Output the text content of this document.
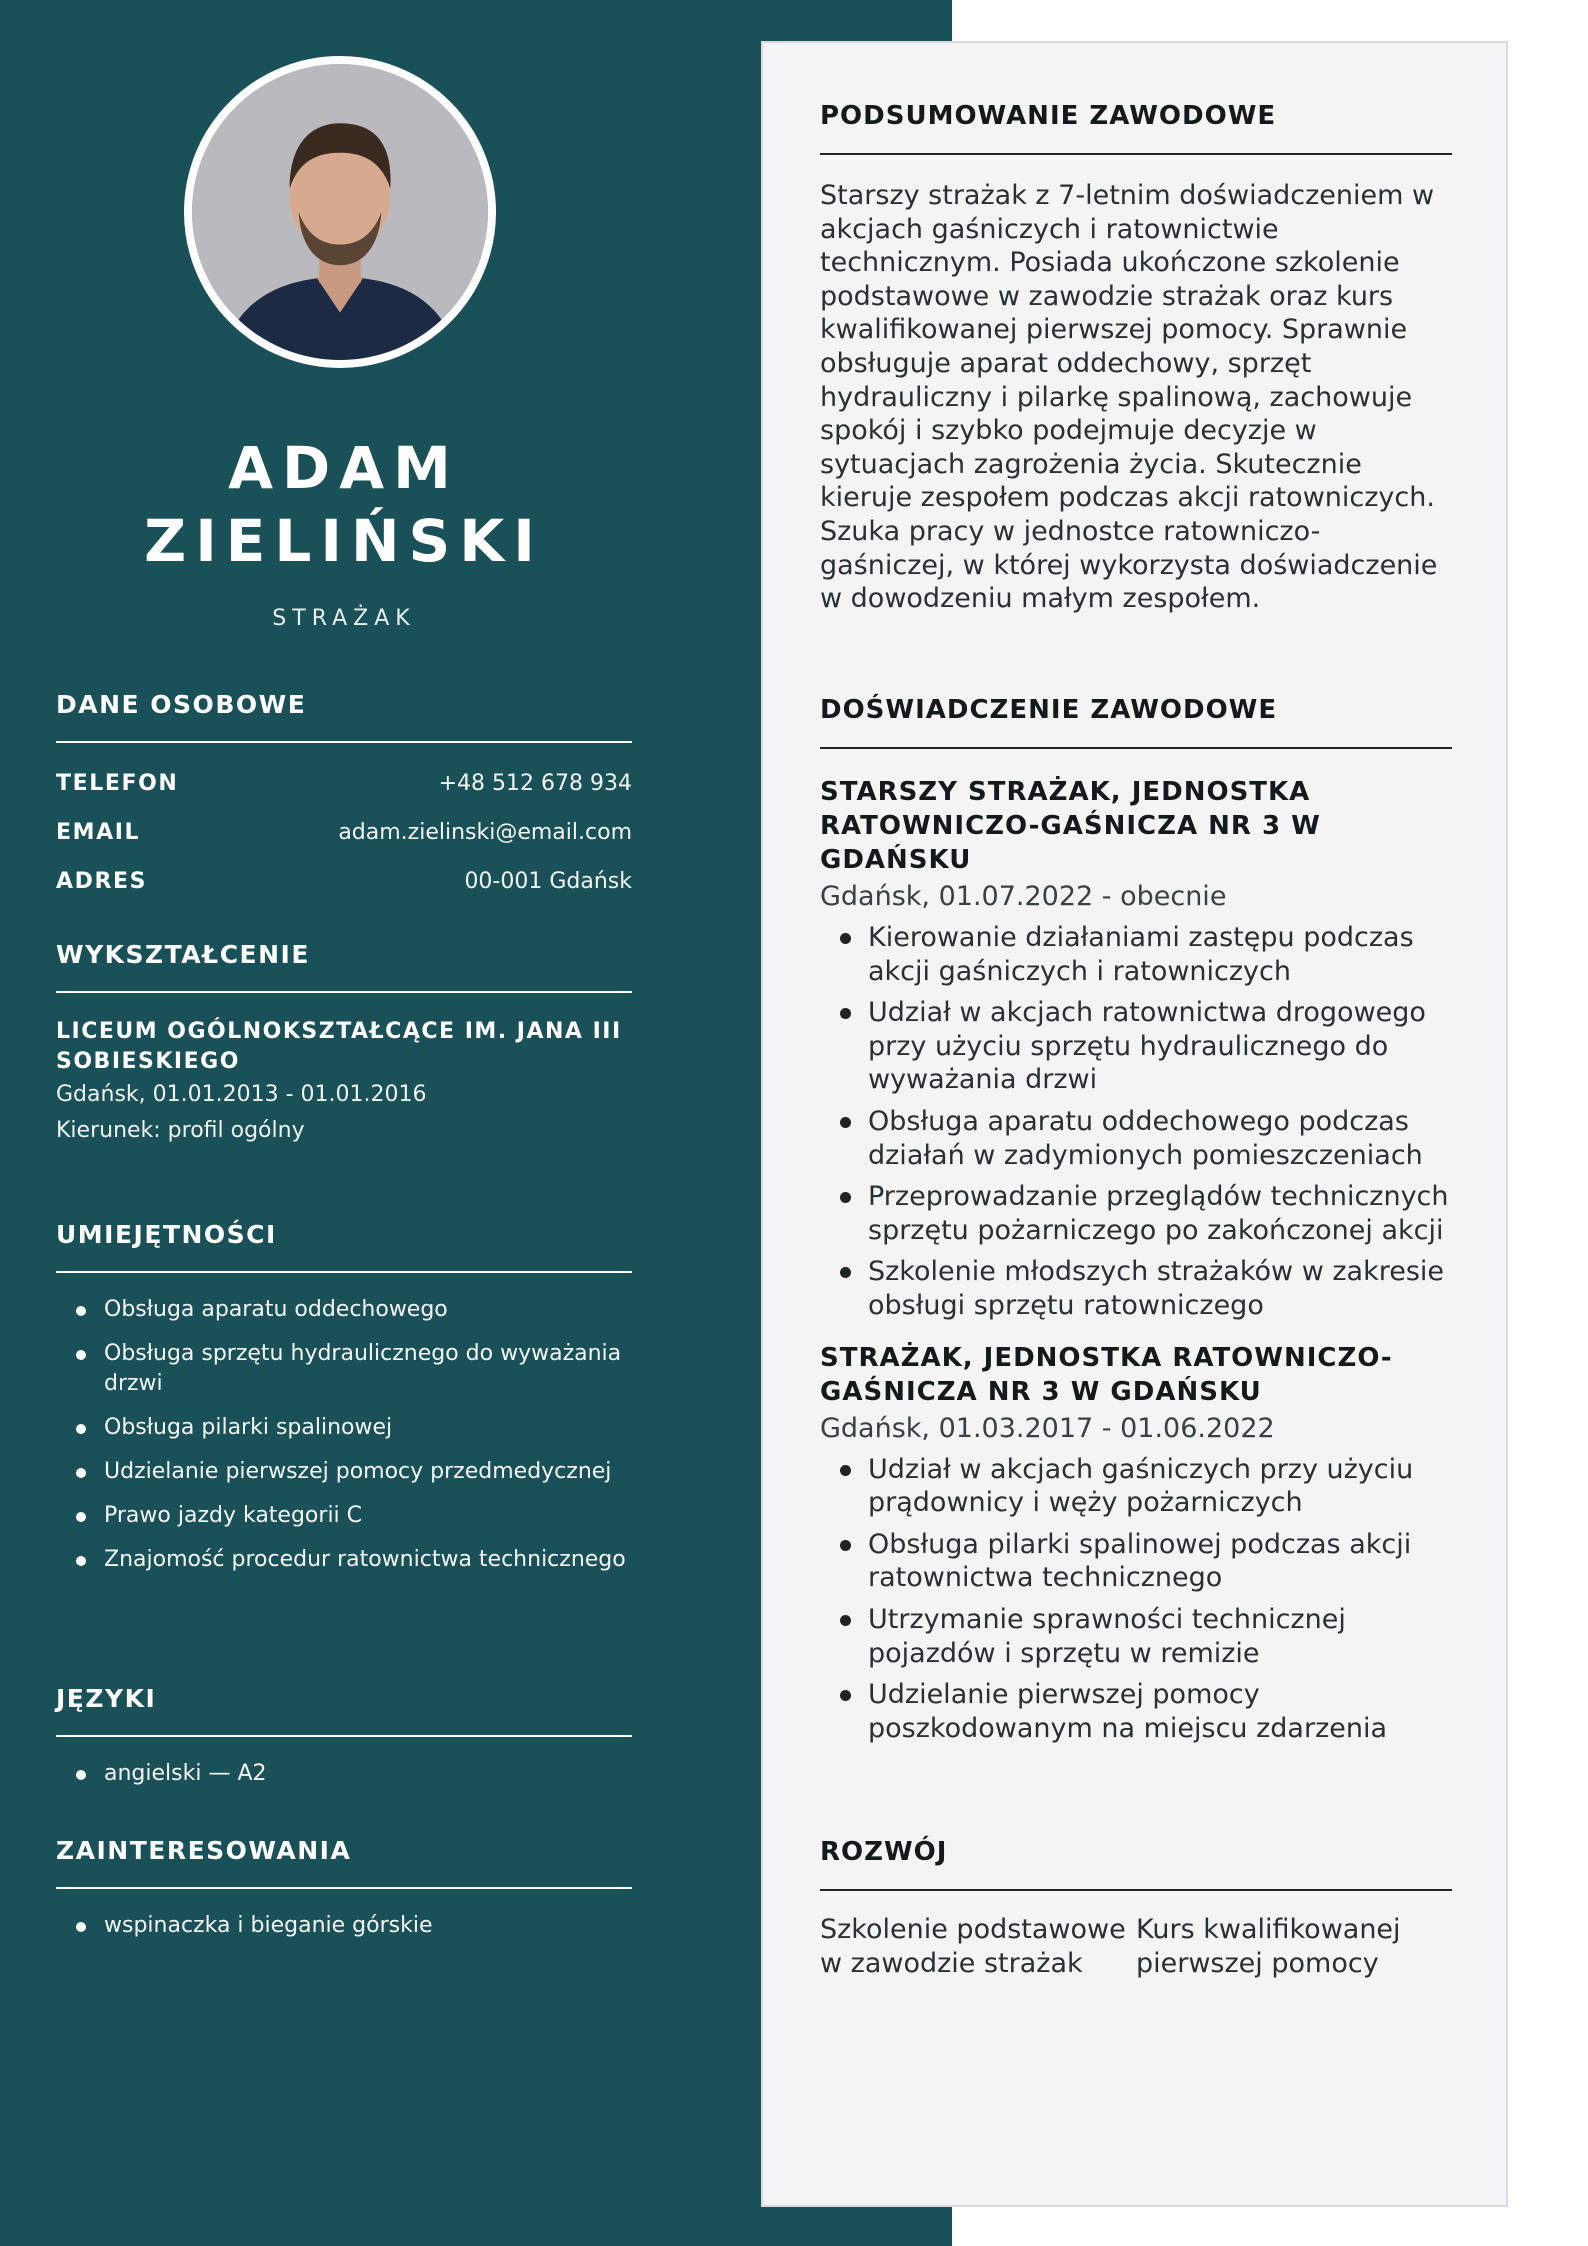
ADAM
ZIELIŃSKI
STRAŻAK
DANE OSOBOWE
TELEFON	+48 512 678 934
EMAIL	adam.zielinski@email.com
ADRES	00-001 Gdańsk
WYKSZTAŁCENIE
LICEUM OGÓLNOKSZTAŁCĄCE IM. JANA III SOBIESKIEGO
Gdańsk, 01.01.2013 - 01.01.2016
Kierunek: profil ogólny
UMIEJĘTNOŚCI
Obsługa aparatu oddechowego
Obsługa sprzętu hydraulicznego do wyważania drzwi
Obsługa pilarki spalinowej
Udzielanie pierwszej pomocy przedmedycznej
Prawo jazdy kategorii C
Znajomość procedur ratownictwa technicznego
JĘZYKI
angielski — A2
ZAINTERESOWANIA
wspinaczka i bieganie górskie
PODSUMOWANIE ZAWODOWE
Starszy strażak z 7-letnim doświadczeniem w akcjach gaśniczych i ratownictwie technicznym. Posiada ukończone szkolenie podstawowe w zawodzie strażak oraz kurs kwalifikowanej pierwszej pomocy. Sprawnie obsługuje aparat oddechowy, sprzęt hydrauliczny i pilarkę spalinową, zachowuje spokój i szybko podejmuje decyzje w sytuacjach zagrożenia życia. Skutecznie kieruje zespołem podczas akcji ratowniczych. Szuka pracy w jednostce ratowniczo-gaśniczej, w której wykorzysta doświadczenie w dowodzeniu małym zespołem.
DOŚWIADCZENIE ZAWODOWE
STARSZY STRAŻAK, JEDNOSTKA RATOWNICZO-GAŚNICZA NR 3 W GDAŃSKU
Gdańsk, 01.07.2022 - obecnie
Kierowanie działaniami zastępu podczas akcji gaśniczych i ratowniczych
Udział w akcjach ratownictwa drogowego przy użyciu sprzętu hydraulicznego do wyważania drzwi
Obsługa aparatu oddechowego podczas działań w zadymionych pomieszczeniach
Przeprowadzanie przeglądów technicznych sprzętu pożarniczego po zakończonej akcji
Szkolenie młodszych strażaków w zakresie obsługi sprzętu ratowniczego
STRAŻAK, JEDNOSTKA RATOWNICZO-GAŚNICZA NR 3 W GDAŃSKU
Gdańsk, 01.03.2017 - 01.06.2022
Udział w akcjach gaśniczych przy użyciu prądownicy i węży pożarniczych
Obsługa pilarki spalinowej podczas akcji ratownictwa technicznego
Utrzymanie sprawności technicznej pojazdów i sprzętu w remizie
Udzielanie pierwszej pomocy poszkodowanym na miejscu zdarzenia
ROZWÓJ
Szkolenie podstawowe w zawodzie strażak
Kurs kwalifikowanej pierwszej pomocy
